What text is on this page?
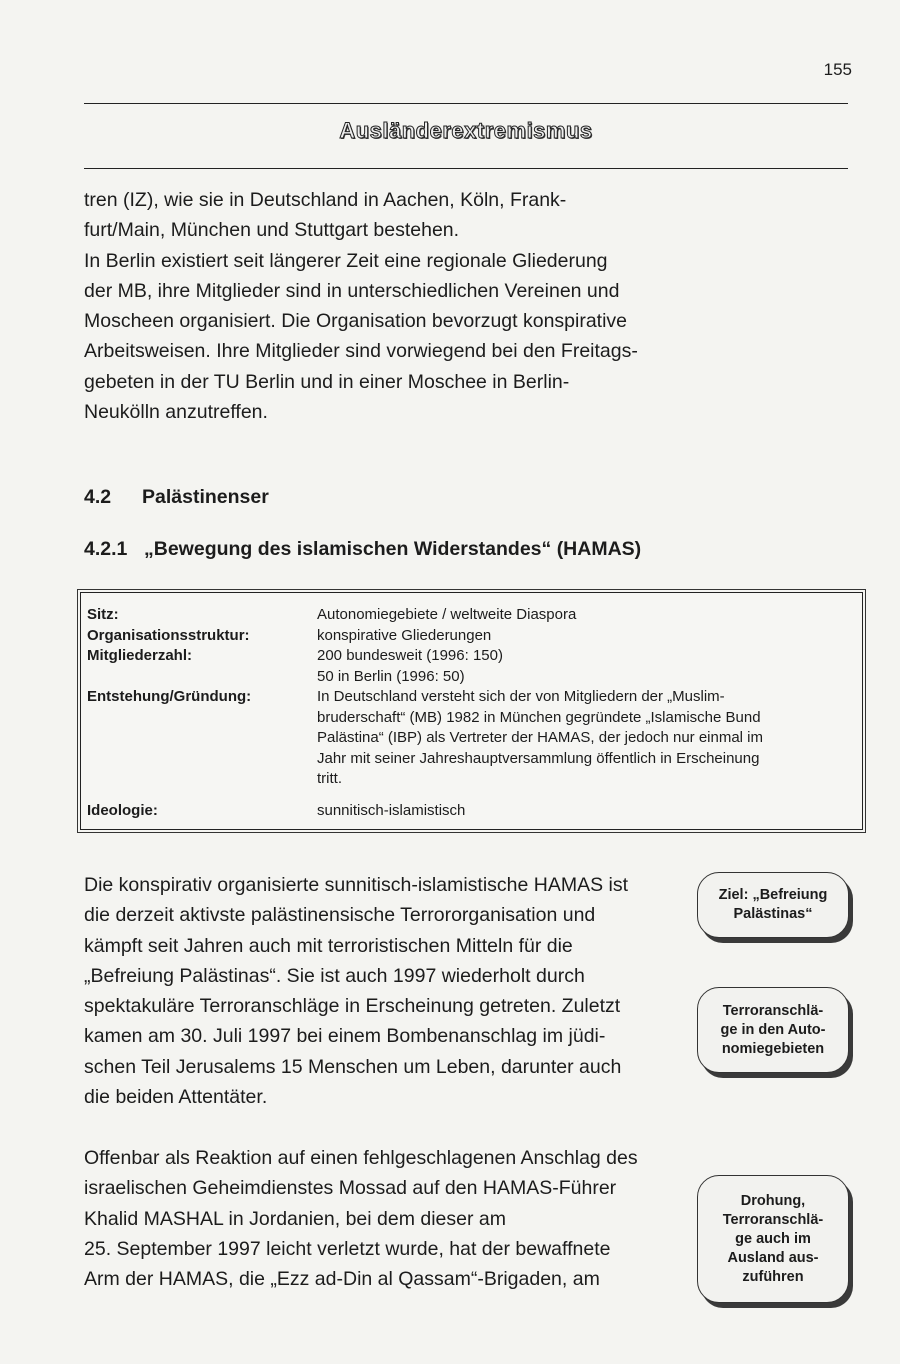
155
Ausländerextremismus

tren (IZ), wie sie in Deutschland in Aachen, Köln, Frank-
furt/Main, München und Stuttgart bestehen.
In Berlin existiert seit längerer Zeit eine regionale Gliederung
der MB, ihre Mitglieder sind in unterschiedlichen Vereinen und
Moscheen organisiert. Die Organisation bevorzugt konspirative
Arbeitsweisen. Ihre Mitglieder sind vorwiegend bei den Freitags-
gebeten in der TU Berlin und in einer Moschee in Berlin-
Neukölln anzutreffen.

4.2 Palästinenser
4.2.1 „Bewegung des islamischen Widerstandes“ (HAMAS)
Sitz:	Autonomiegebiete / weltweite Diaspora
Organisationsstruktur:	konspirative Gliederungen
Mitgliederzahl:	200 bundesweit (1996: 150)
50 in Berlin (1996: 50)
Entstehung/Gründung:	In Deutschland versteht sich der von Mitgliedern der „Muslim-
bruderschaft“ (MB) 1982 in München gegründete „Islamische Bund
Palästina“ (IBP) als Vertreter der HAMAS, der jedoch nur einmal im
Jahr mit seiner Jahreshauptversammlung öffentlich in Erscheinung
tritt.
Ideologie:	sunnitisch-islamistisch

Die konspirativ organisierte sunnitisch-islamistische HAMAS ist
die derzeit aktivste palästinensische Terrororganisation und
kämpft seit Jahren auch mit terroristischen Mitteln für die
„Befreiung Palästinas“. Sie ist auch 1997 wiederholt durch
spektakuläre Terroranschläge in Erscheinung getreten. Zuletzt
kamen am 30. Juli 1997 bei einem Bombenanschlag im jüdi-
schen Teil Jerusalems 15 Menschen um Leben, darunter auch
die beiden Attentäter.

Offenbar als Reaktion auf einen fehlgeschlagenen Anschlag des
israelischen Geheimdienstes Mossad auf den HAMAS-Führer
Khalid MASHAL in Jordanien, bei dem dieser am
25. September 1997 leicht verletzt wurde, hat der bewaffnete
Arm der HAMAS, die „Ezz ad-Din al Qassam“-Brigaden, am

Ziel: „Befreiung
Palästinas“
Terroranschlä-
ge in den Auto-
nomiegebieten
Drohung,
Terroranschlä-
ge auch im
Ausland aus-
zuführen
